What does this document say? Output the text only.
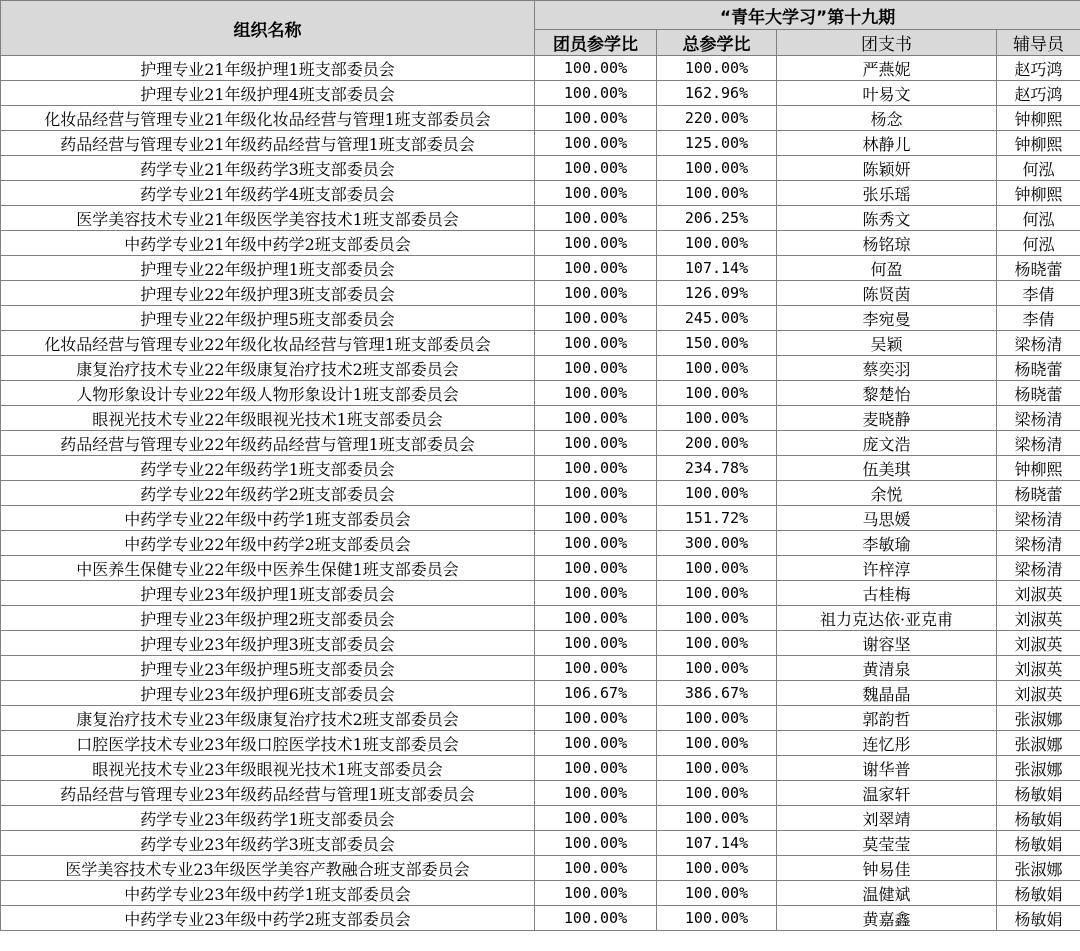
组织名称	“青年大学习”第十九期			
	团员参学比	总参学比	团支书	辅导员
护理专业21年级护理1班支部委员会	100.00%	100.00%	严燕妮	赵巧鸿
护理专业21年级护理4班支部委员会	100.00%	162.96%	叶易文	赵巧鸿
化妆品经营与管理专业21年级化妆品经营与管理1班支部委员会	100.00%	220.00%	杨念	钟柳熙
药品经营与管理专业21年级药品经营与管理1班支部委员会	100.00%	125.00%	林静儿	钟柳熙
药学专业21年级药学3班支部委员会	100.00%	100.00%	陈颖妍	何泓
药学专业21年级药学4班支部委员会	100.00%	100.00%	张乐瑶	钟柳熙
医学美容技术专业21年级医学美容技术1班支部委员会	100.00%	206.25%	陈秀文	何泓
中药学专业21年级中药学2班支部委员会	100.00%	100.00%	杨铭琼	何泓
护理专业22年级护理1班支部委员会	100.00%	107.14%	何盈	杨晓蕾
护理专业22年级护理3班支部委员会	100.00%	126.09%	陈贤茵	李倩
护理专业22年级护理5班支部委员会	100.00%	245.00%	李宛曼	李倩
化妆品经营与管理专业22年级化妆品经营与管理1班支部委员会	100.00%	150.00%	吴颖	梁杨清
康复治疗技术专业22年级康复治疗技术2班支部委员会	100.00%	100.00%	蔡奕羽	杨晓蕾
人物形象设计专业22年级人物形象设计1班支部委员会	100.00%	100.00%	黎楚怡	杨晓蕾
眼视光技术专业22年级眼视光技术1班支部委员会	100.00%	100.00%	麦晓静	梁杨清
药品经营与管理专业22年级药品经营与管理1班支部委员会	100.00%	200.00%	庞文浩	梁杨清
药学专业22年级药学1班支部委员会	100.00%	234.78%	伍美琪	钟柳熙
药学专业22年级药学2班支部委员会	100.00%	100.00%	余悦	杨晓蕾
中药学专业22年级中药学1班支部委员会	100.00%	151.72%	马思媛	梁杨清
中药学专业22年级中药学2班支部委员会	100.00%	300.00%	李敏瑜	梁杨清
中医养生保健专业22年级中医养生保健1班支部委员会	100.00%	100.00%	许梓淳	梁杨清
护理专业23年级护理1班支部委员会	100.00%	100.00%	古桂梅	刘淑英
护理专业23年级护理2班支部委员会	100.00%	100.00%	祖力克达依·亚克甫	刘淑英
护理专业23年级护理3班支部委员会	100.00%	100.00%	谢容坚	刘淑英
护理专业23年级护理5班支部委员会	100.00%	100.00%	黄清泉	刘淑英
护理专业23年级护理6班支部委员会	106.67%	386.67%	魏晶晶	刘淑英
康复治疗技术专业23年级康复治疗技术2班支部委员会	100.00%	100.00%	郭韵哲	张淑娜
口腔医学技术专业23年级口腔医学技术1班支部委员会	100.00%	100.00%	连忆彤	张淑娜
眼视光技术专业23年级眼视光技术1班支部委员会	100.00%	100.00%	谢华普	张淑娜
药品经营与管理专业23年级药品经营与管理1班支部委员会	100.00%	100.00%	温家轩	杨敏娟
药学专业23年级药学1班支部委员会	100.00%	100.00%	刘翠靖	杨敏娟
药学专业23年级药学3班支部委员会	100.00%	107.14%	莫莹莹	杨敏娟
医学美容技术专业23年级医学美容产教融合班支部委员会	100.00%	100.00%	钟易佳	张淑娜
中药学专业23年级中药学1班支部委员会	100.00%	100.00%	温健斌	杨敏娟
中药学专业23年级中药学2班支部委员会	100.00%	100.00%	黄嘉鑫	杨敏娟
